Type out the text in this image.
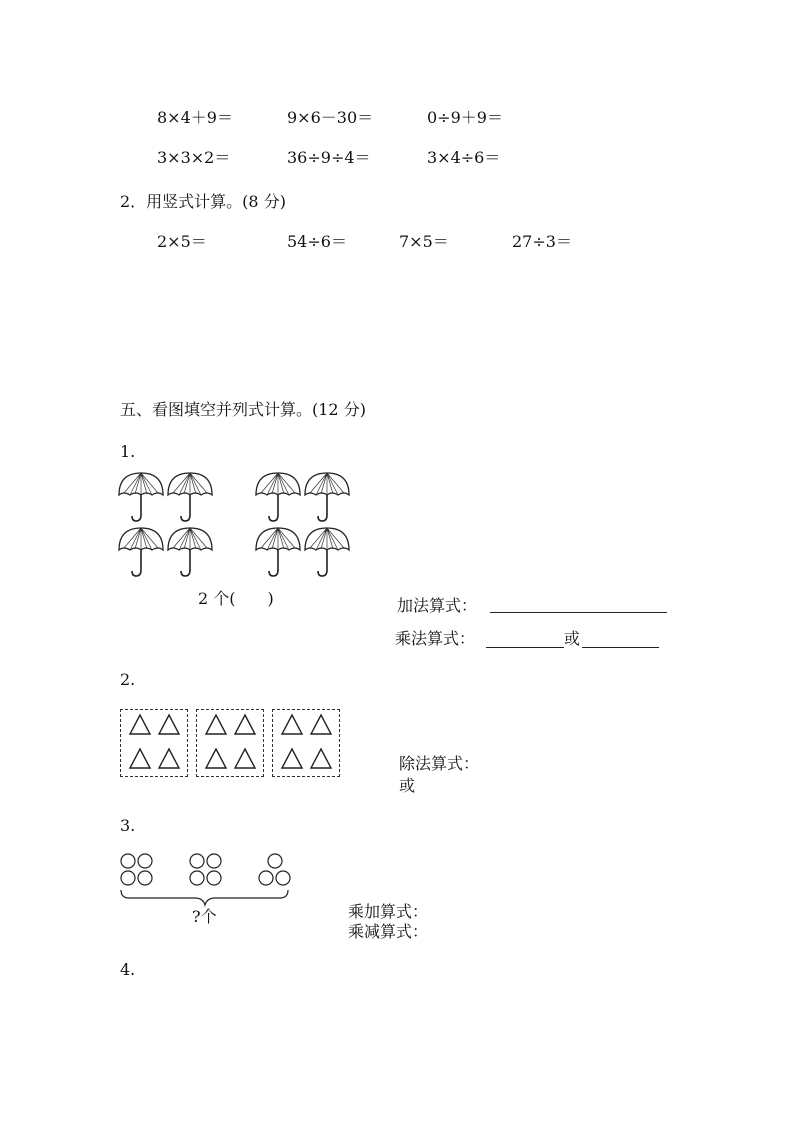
8×4＋9＝	9×6－30＝	0÷9＋9＝
3×3×2＝	36÷9÷4＝	3×4÷6＝
2．用竖式计算。(8 分)
2×5＝	54÷6＝	7×5＝	27÷3＝
五、看图填空并列式计算。(12 分)
1.
2 个(　　)	加法算式：
乘法算式：	或
2.
除法算式：
或
3.
?个	乘加算式：
乘减算式：
4.
